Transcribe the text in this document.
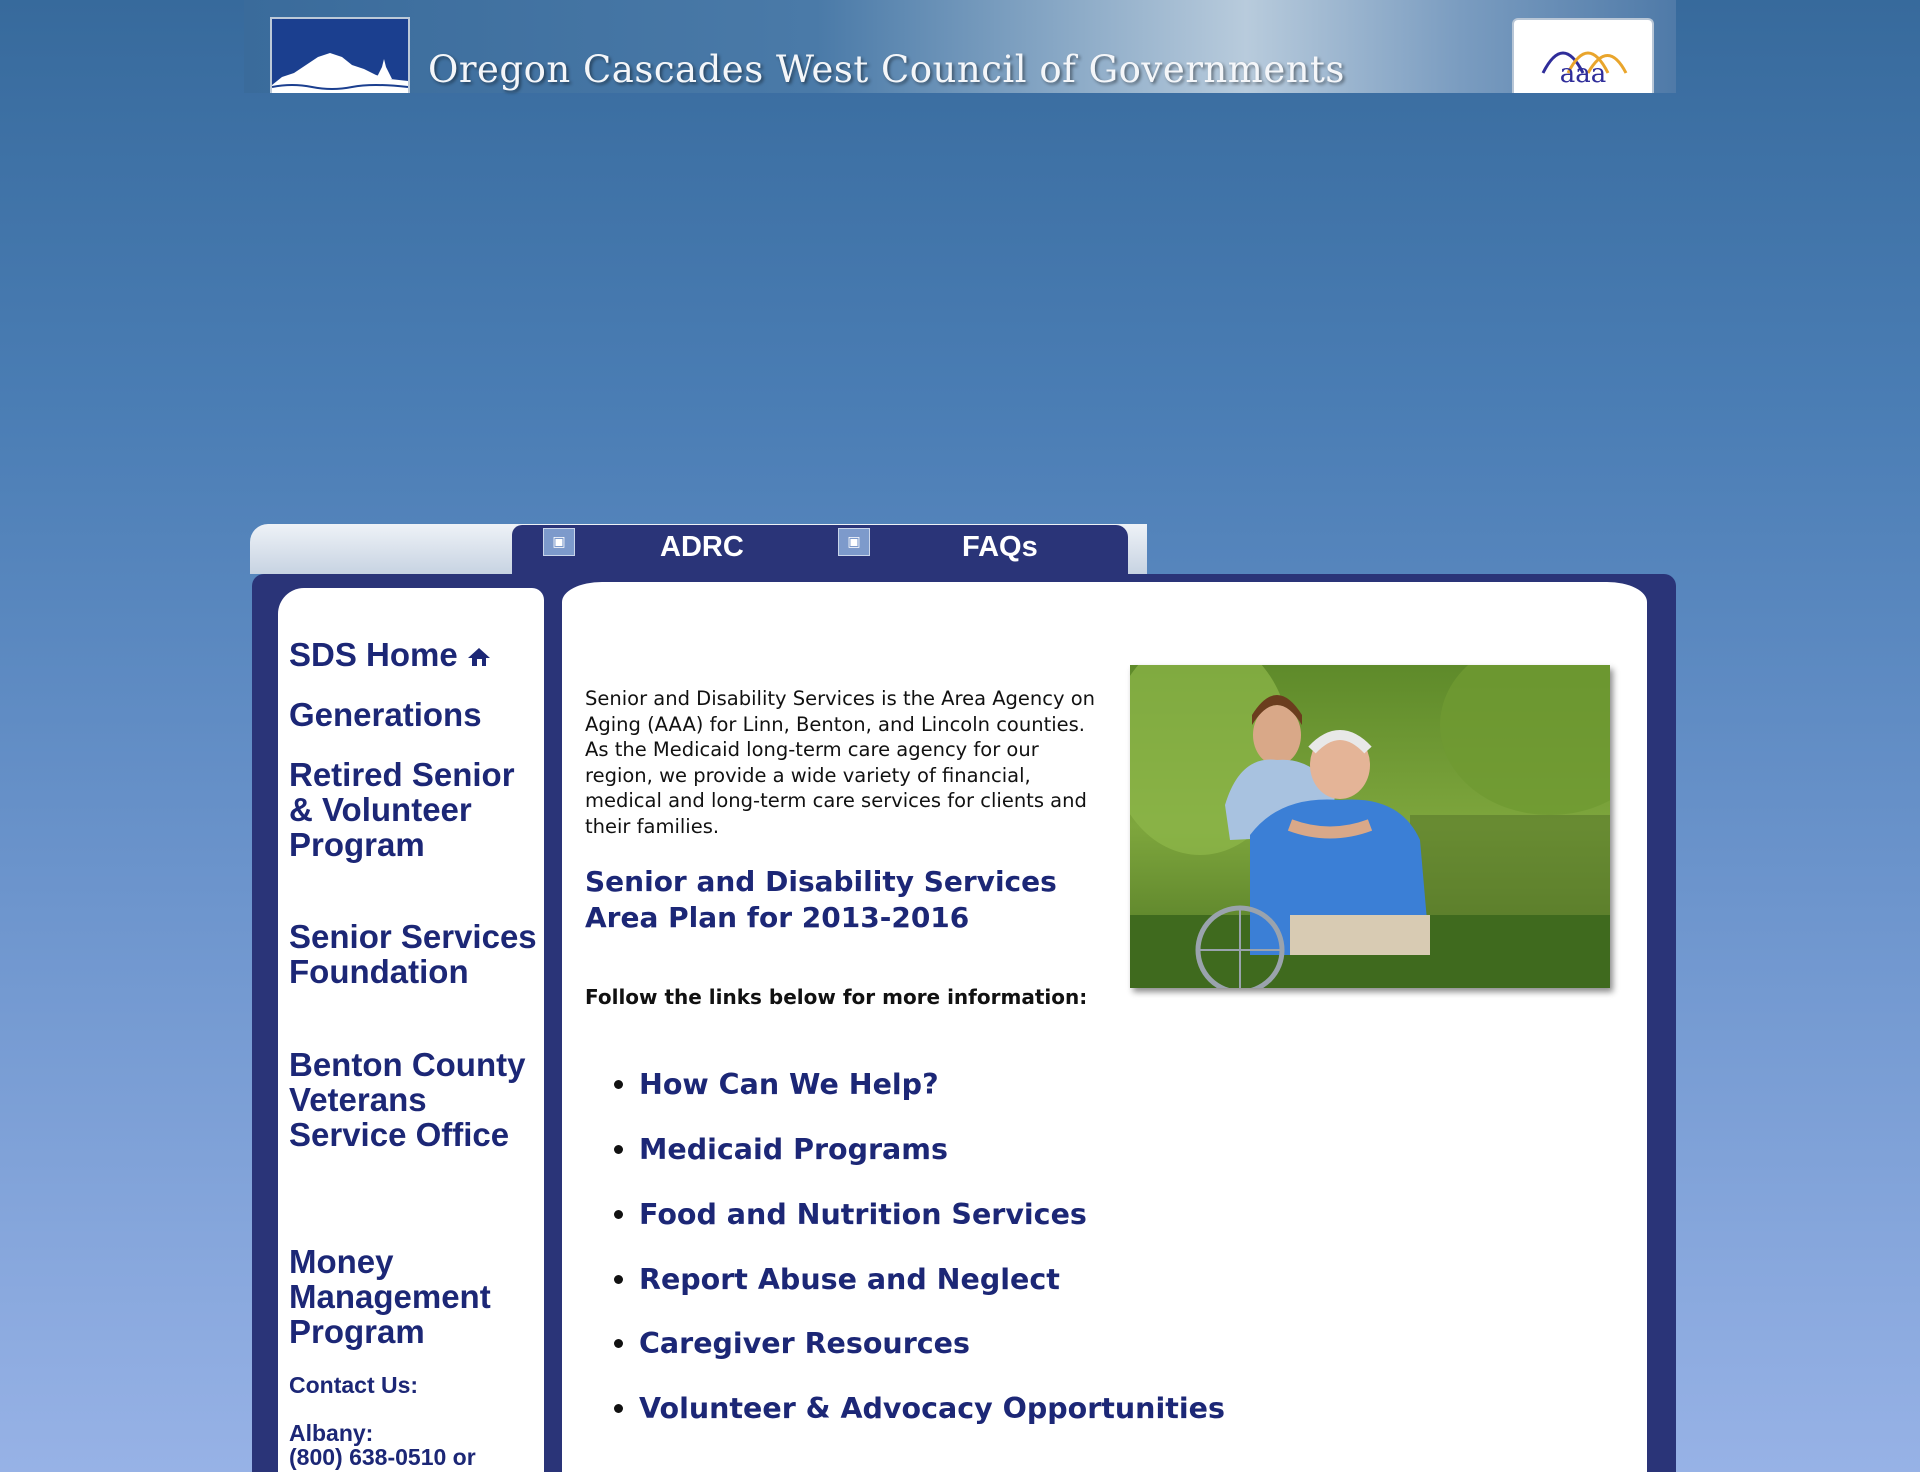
Oregon Cascades West Council of Governments	aaa
▣	▣
ADRC	FAQs
SDS Home
Generations
Retired Senior & Volunteer Program
Senior Services Foundation
Benton County Veterans Service Office
Money Management Program
Contact Us:
Albany:
(800) 638-0510 or
Senior and Disability Services is the Area Agency on Aging (AAA) for Linn, Benton, and Lincoln counties. As the Medicaid long-term care agency for our region, we provide a wide variety of financial, medical and long-term care services for clients and their families.
Senior and Disability Services Area Plan for 2013-2016
Follow the links below for more information:
How Can We Help?
Medicaid Programs
Food and Nutrition Services
Report Abuse and Neglect
Caregiver Resources
Volunteer & Advocacy Opportunities
